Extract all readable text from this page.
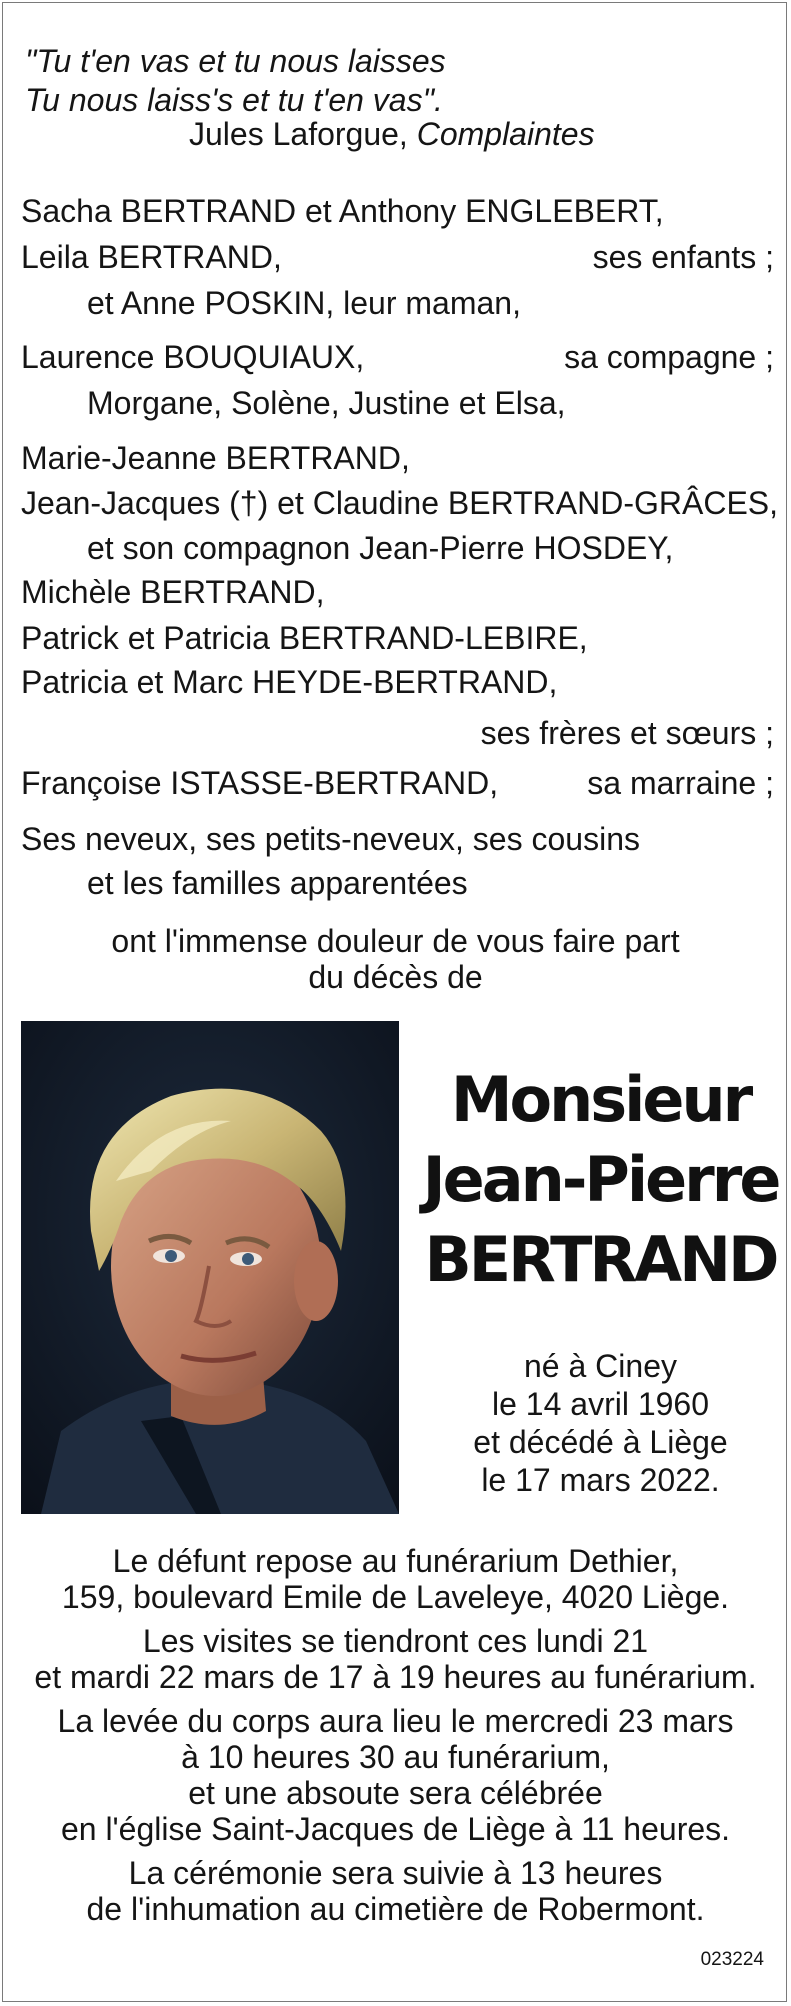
"Tu t'en vas et tu nous laisses
Tu nous laiss's et tu t'en vas".
Jules Laforgue, Complaintes
Sacha BERTRAND et Anthony ENGLEBERT,
Leila BERTRAND,	ses enfants ;
et Anne POSKIN, leur maman,
Laurence BOUQUIAUX,	sa compagne ;
Morgane, Solène, Justine et Elsa,
Marie-Jeanne BERTRAND,
Jean-Jacques (†) et Claudine BERTRAND-GRÂCES,
et son compagnon Jean-Pierre HOSDEY,
Michèle BERTRAND,
Patrick et Patricia BERTRAND-LEBIRE,
Patricia et Marc HEYDE-BERTRAND,
ses frères et sœurs ;
Françoise ISTASSE-BERTRAND,	sa marraine ;
Ses neveux, ses petits-neveux, ses cousins
et les familles apparentées
ont l'immense douleur de vous faire part
du décès de
Monsieur
Jean-Pierre
BERTRAND
né à Ciney
le 14 avril 1960
et décédé à Liège
le 17 mars 2022.
Le défunt repose au funérarium Dethier,
159, boulevard Emile de Laveleye, 4020 Liège.
Les visites se tiendront ces lundi 21
et mardi 22 mars de 17 à 19 heures au funérarium.
La levée du corps aura lieu le mercredi 23 mars
à 10 heures 30 au funérarium,
et une absoute sera célébrée
en l'église Saint-Jacques de Liège à 11 heures.
La cérémonie sera suivie à 13 heures
de l'inhumation au cimetière de Robermont.
023224
